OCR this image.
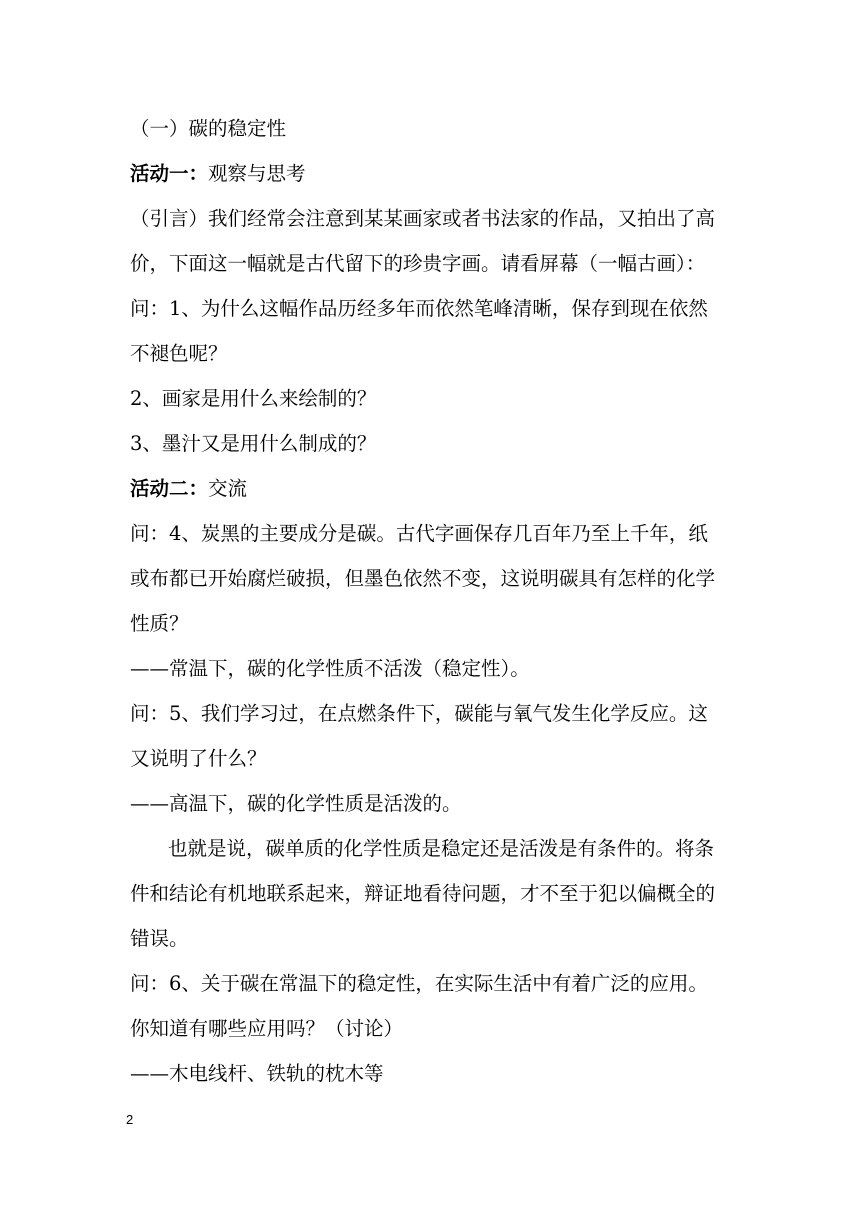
（一）碳的稳定性
活动一：观察与思考
（引言）我们经常会注意到某某画家或者书法家的作品，又拍出了高
价，下面这一幅就是古代留下的珍贵字画。请看屏幕（一幅古画）：
问：1、为什么这幅作品历经多年而依然笔峰清晰，保存到现在依然
不褪色呢？
2、画家是用什么来绘制的？
3、墨汁又是用什么制成的？
活动二：交流
问：4、炭黑的主要成分是碳。古代字画保存几百年乃至上千年，纸
或布都已开始腐烂破损，但墨色依然不变，这说明碳具有怎样的化学
性质？
——常温下，碳的化学性质不活泼（稳定性）。
问：5、我们学习过，在点燃条件下，碳能与氧气发生化学反应。这
又说明了什么？
——高温下，碳的化学性质是活泼的。
也就是说，碳单质的化学性质是稳定还是活泼是有条件的。将条
件和结论有机地联系起来，辩证地看待问题，才不至于犯以偏概全的
错误。
问：6、关于碳在常温下的稳定性，在实际生活中有着广泛的应用。
你知道有哪些应用吗？（讨论）
——木电线杆、铁轨的枕木等
2
